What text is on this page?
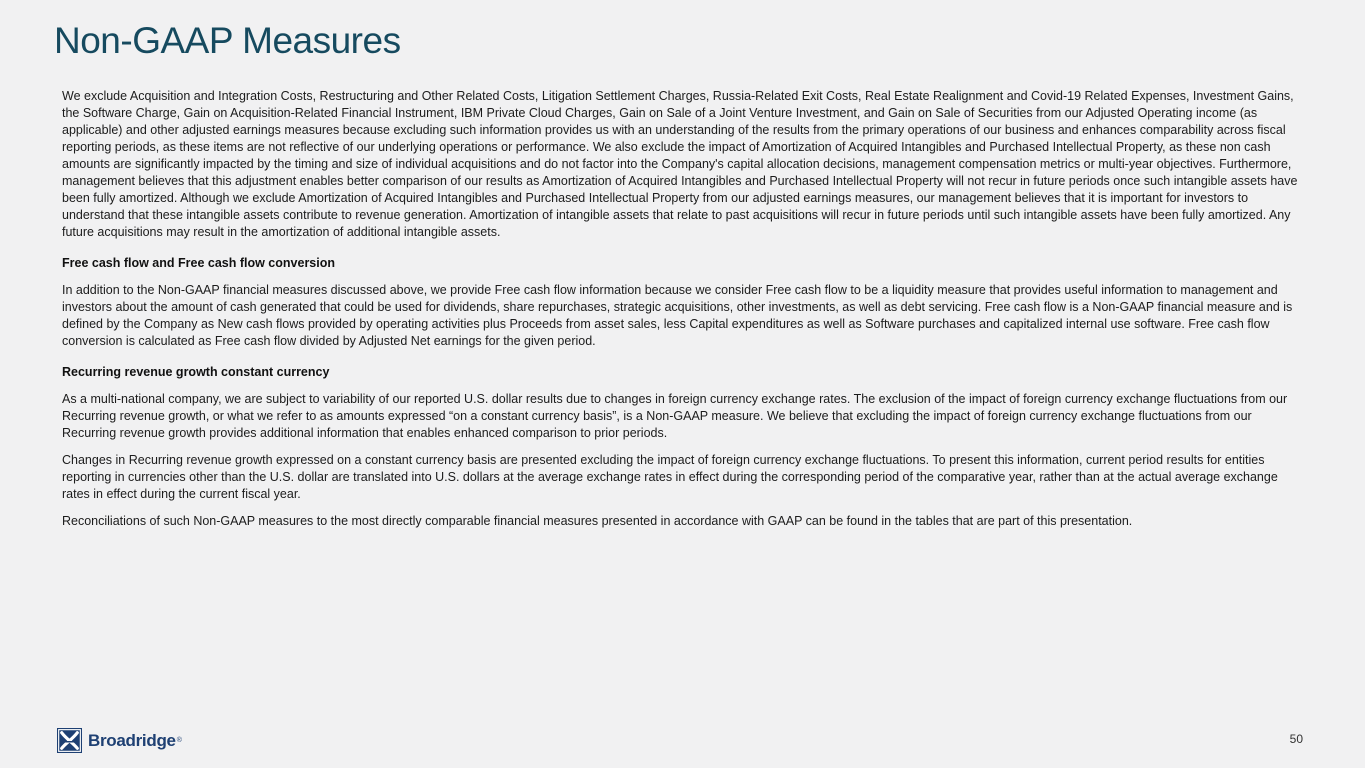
Non-GAAP Measures

We exclude Acquisition and Integration Costs, Restructuring and Other Related Costs, Litigation Settlement Charges, Russia-Related Exit Costs, Real Estate Realignment and Covid-19 Related Expenses, Investment Gains, the Software Charge, Gain on Acquisition-Related Financial Instrument, IBM Private Cloud Charges, Gain on Sale of a Joint Venture Investment, and Gain on Sale of Securities from our Adjusted Operating income (as applicable) and other adjusted earnings measures because excluding such information provides us with an understanding of the results from the primary operations of our business and enhances comparability across fiscal reporting periods, as these items are not reflective of our underlying operations or performance. We also exclude the impact of Amortization of Acquired Intangibles and Purchased Intellectual Property, as these non cash amounts are significantly impacted by the timing and size of individual acquisitions and do not factor into the Company's capital allocation decisions, management compensation metrics or multi-year objectives. Furthermore, management believes that this adjustment enables better comparison of our results as Amortization of Acquired Intangibles and Purchased Intellectual Property will not recur in future periods once such intangible assets have been fully amortized. Although we exclude Amortization of Acquired Intangibles and Purchased Intellectual Property from our adjusted earnings measures, our management believes that it is important for investors to understand that these intangible assets contribute to revenue generation. Amortization of intangible assets that relate to past acquisitions will recur in future periods until such intangible assets have been fully amortized. Any future acquisitions may result in the amortization of additional intangible assets.

Free cash flow and Free cash flow conversion

In addition to the Non-GAAP financial measures discussed above, we provide Free cash flow information because we consider Free cash flow to be a liquidity measure that provides useful information to management and investors about the amount of cash generated that could be used for dividends, share repurchases, strategic acquisitions, other investments, as well as debt servicing. Free cash flow is a Non-GAAP financial measure and is defined by the Company as New cash flows provided by operating activities plus Proceeds from asset sales, less Capital expenditures as well as Software purchases and capitalized internal use software. Free cash flow conversion is calculated as Free cash flow divided by Adjusted Net earnings for the given period.

Recurring revenue growth constant currency

As a multi-national company, we are subject to variability of our reported U.S. dollar results due to changes in foreign currency exchange rates. The exclusion of the impact of foreign currency exchange fluctuations from our Recurring revenue growth, or what we refer to as amounts expressed “on a constant currency basis”, is a Non-GAAP measure. We believe that excluding the impact of foreign currency exchange fluctuations from our Recurring revenue growth provides additional information that enables enhanced comparison to prior periods.

Changes in Recurring revenue growth expressed on a constant currency basis are presented excluding the impact of foreign currency exchange fluctuations. To present this information, current period results for entities reporting in currencies other than the U.S. dollar are translated into U.S. dollars at the average exchange rates in effect during the corresponding period of the comparative year, rather than at the actual average exchange rates in effect during the current fiscal year.

Reconciliations of such Non-GAAP measures to the most directly comparable financial measures presented in accordance with GAAP can be found in the tables that are part of this presentation.

Broadridge ®	50
